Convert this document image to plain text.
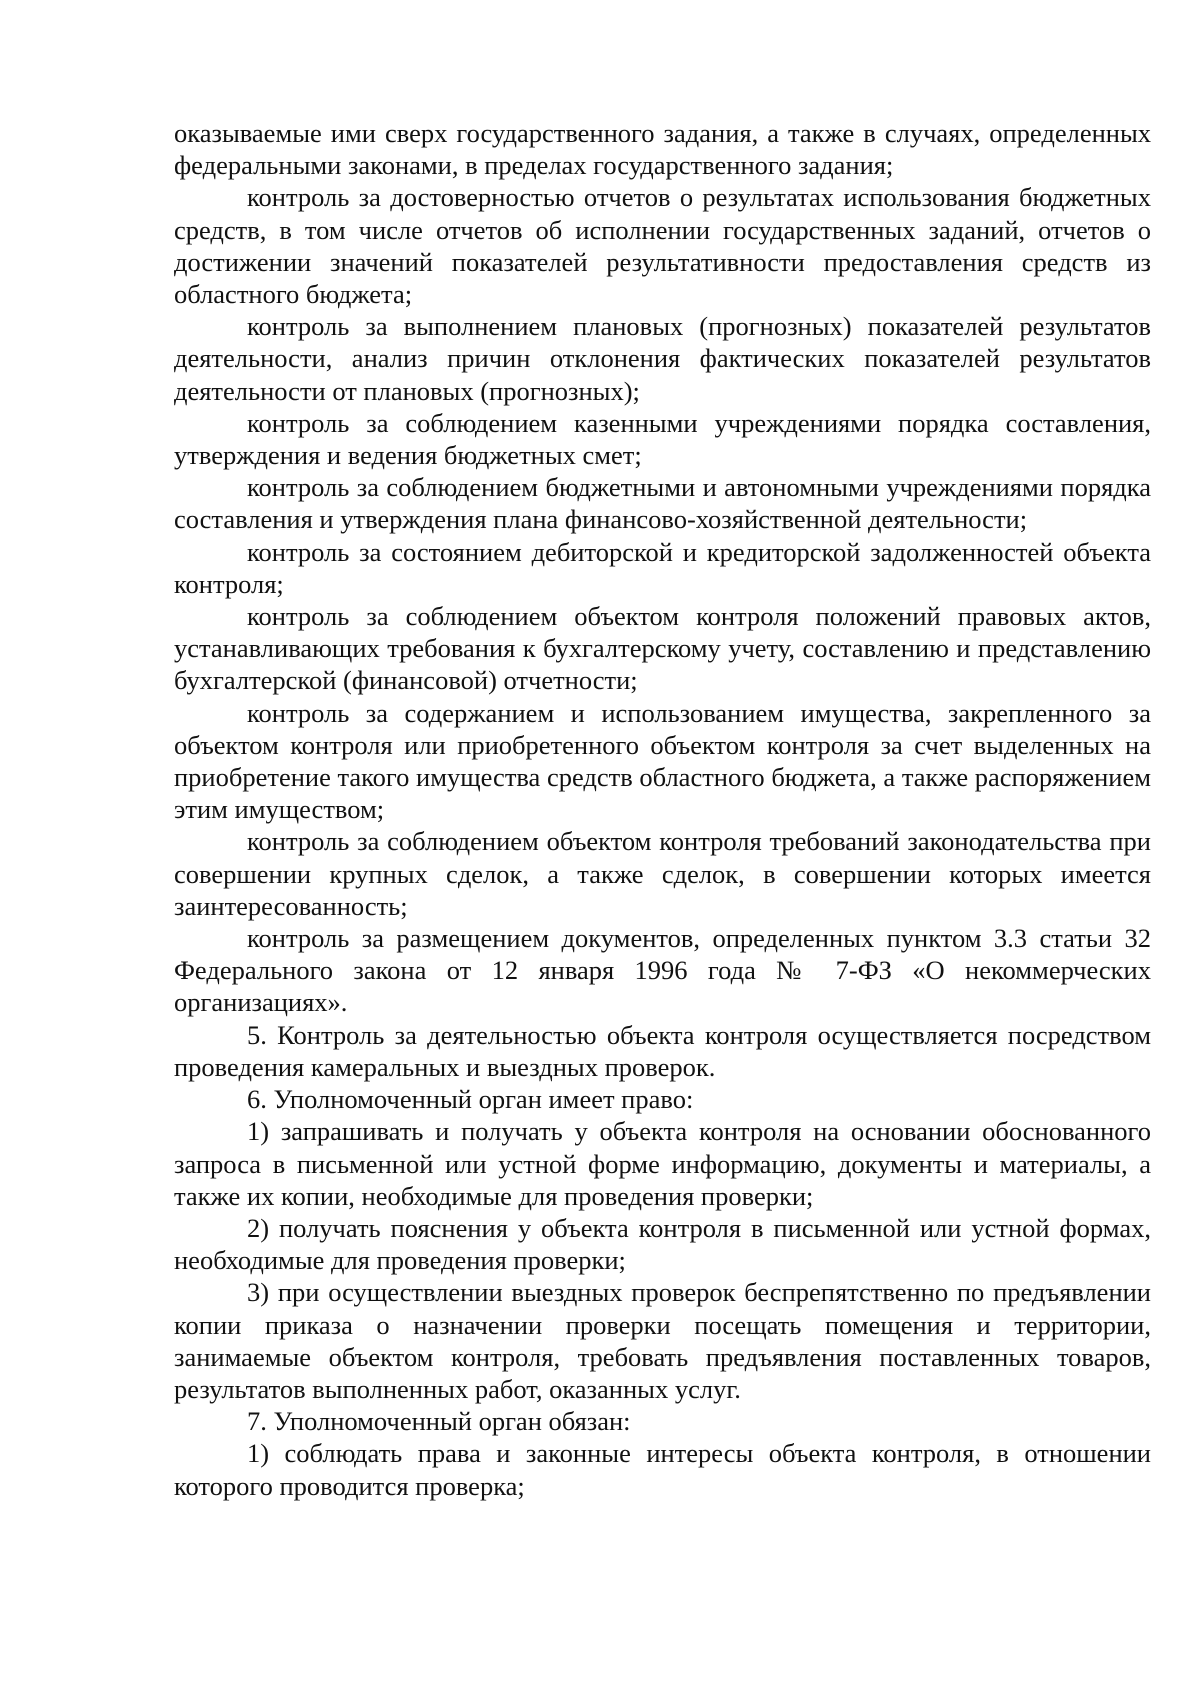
оказываемые ими сверх государственного задания, а также в случаях, определенных федеральными законами, в пределах государственного задания;

контроль за достоверностью отчетов о результатах использования бюджетных средств, в том числе отчетов об исполнении государственных заданий, отчетов о достижении значений показателей результативности предоставления средств из областного бюджета;

контроль за выполнением плановых (прогнозных) показателей результатов деятельности, анализ причин отклонения фактических показателей результатов деятельности от плановых (прогнозных);

контроль за соблюдением казенными учреждениями порядка составления, утверждения и ведения бюджетных смет;

контроль за соблюдением бюджетными и автономными учреждениями порядка составления и утверждения плана финансово-хозяйственной деятельности;

контроль за состоянием дебиторской и кредиторской задолженностей объекта контроля;

контроль за соблюдением объектом контроля положений правовых актов, устанавливающих требования к бухгалтерскому учету, составлению и представлению бухгалтерской (финансовой) отчетности;

контроль за содержанием и использованием имущества, закрепленного за объектом контроля или приобретенного объектом контроля за счет выделенных на приобретение такого имущества средств областного бюджета, а также распоряжением этим имуществом;

контроль за соблюдением объектом контроля требований законодательства при совершении крупных сделок, а также сделок, в совершении которых имеется заинтересованность;

контроль за размещением документов, определенных пунктом 3.3 статьи 32 Федерального закона от 12 января 1996 года № 7-ФЗ «О некоммерческих организациях».

5. Контроль за деятельностью объекта контроля осуществляется посредством проведения камеральных и выездных проверок.

6. Уполномоченный орган имеет право:

1) запрашивать и получать у объекта контроля на основании обоснованного запроса в письменной или устной форме информацию, документы и материалы, а также их копии, необходимые для проведения проверки;

2) получать пояснения у объекта контроля в письменной или устной формах, необходимые для проведения проверки;

3) при осуществлении выездных проверок беспрепятственно по предъявлении копии приказа о назначении проверки посещать помещения и территории, занимаемые объектом контроля, требовать предъявления поставленных товаров, результатов выполненных работ, оказанных услуг.

7. Уполномоченный орган обязан:

1) соблюдать права и законные интересы объекта контроля, в отношении которого проводится проверка;
